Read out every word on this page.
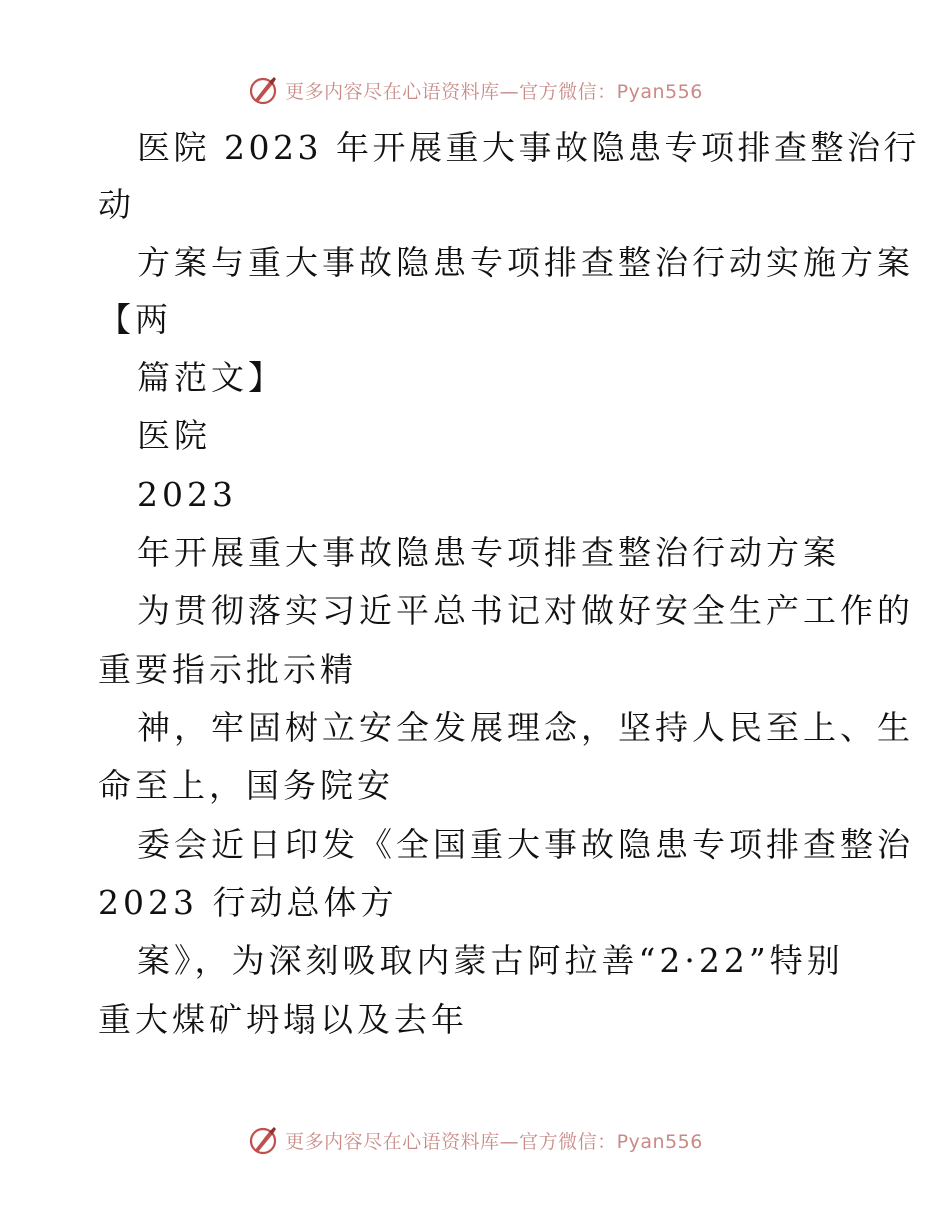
更多内容尽在心语资料库—官方微信：Pyan556
医院 2023 年开展重大事故隐患专项排查整治行
动
方案与重大事故隐患专项排查整治行动实施方案
【两
篇范文】
医院
2023
年开展重大事故隐患专项排查整治行动方案
为贯彻落实习近平总书记对做好安全生产工作的
重要指示批示精
神，牢固树立安全发展理念，坚持人民至上、生
命至上，国务院安
委会近日印发《全国重大事故隐患专项排查整治
2023 行动总体方
案》，为深刻吸取内蒙古阿拉善“2·22”特别
重大煤矿坍塌以及去年
更多内容尽在心语资料库—官方微信：Pyan556
